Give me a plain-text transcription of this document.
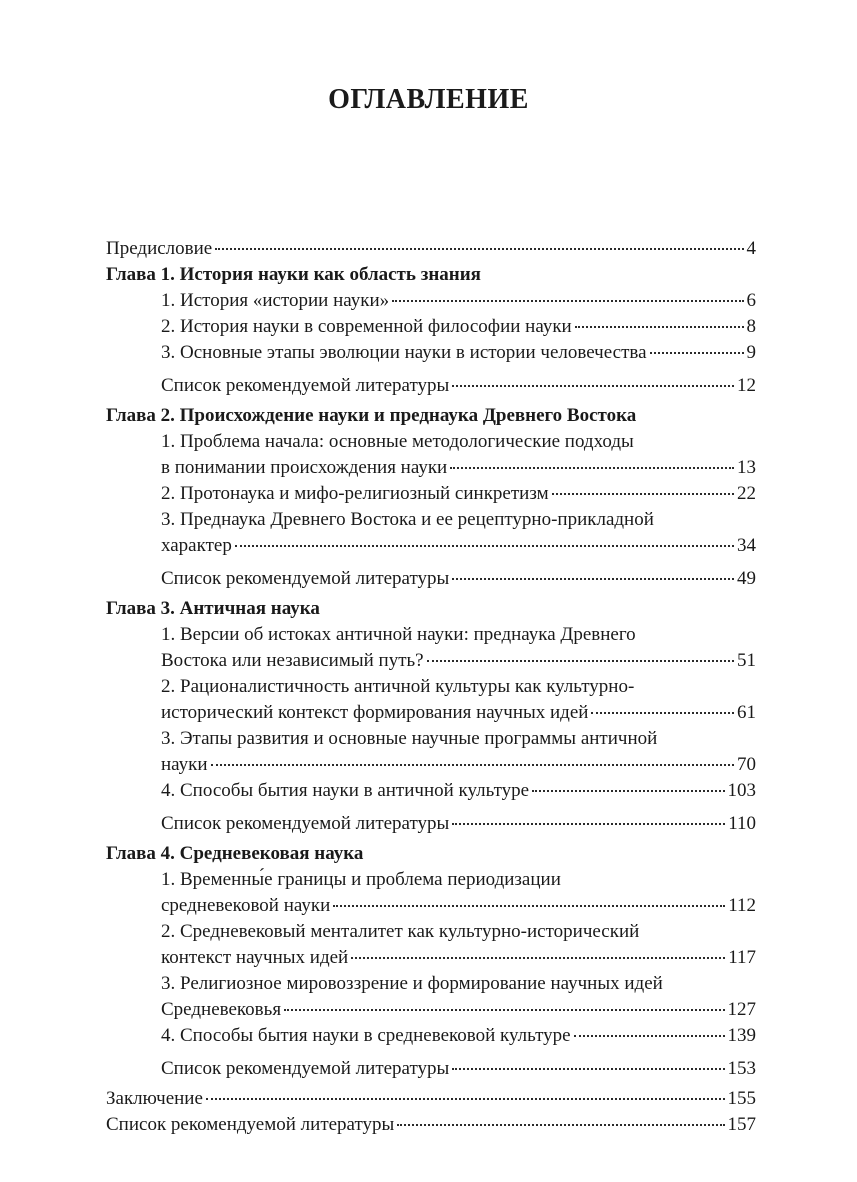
ОГЛАВЛЕНИЕ
Предисловие	4
Глава 1. История науки как область знания
1. История «истории науки»	6
2. История науки в современной философии науки	8
3. Основные этапы эволюции науки в истории человечества	9
Список рекомендуемой литературы	12
Глава 2. Происхождение науки и преднаука Древнего Востока
1. Проблема начала: основные методологические подходы
в понимании происхождения науки	13
2. Протонаука и мифо-религиозный синкретизм	22
3. Преднаука Древнего Востока и ее рецептурно-прикладной
характер	34
Список рекомендуемой литературы	49
Глава 3. Античная наука
1. Версии об истоках античной науки: преднаука Древнего
Востока или независимый путь?	51
2. Рационалистичность античной культуры как культурно-
исторический контекст формирования научных идей	61
3. Этапы развития и основные научные программы античной
науки	70
4. Способы бытия науки в античной культуре	103
Список рекомендуемой литературы	110
Глава 4. Средневековая наука
1. Временны́е границы и проблема периодизации
средневековой науки	112
2. Средневековый менталитет как культурно-исторический
контекст научных идей	117
3. Религиозное мировоззрение и формирование научных идей
Средневековья	127
4. Способы бытия науки в средневековой культуре	139
Список рекомендуемой литературы	153
Заключение	155
Список рекомендуемой литературы	157
